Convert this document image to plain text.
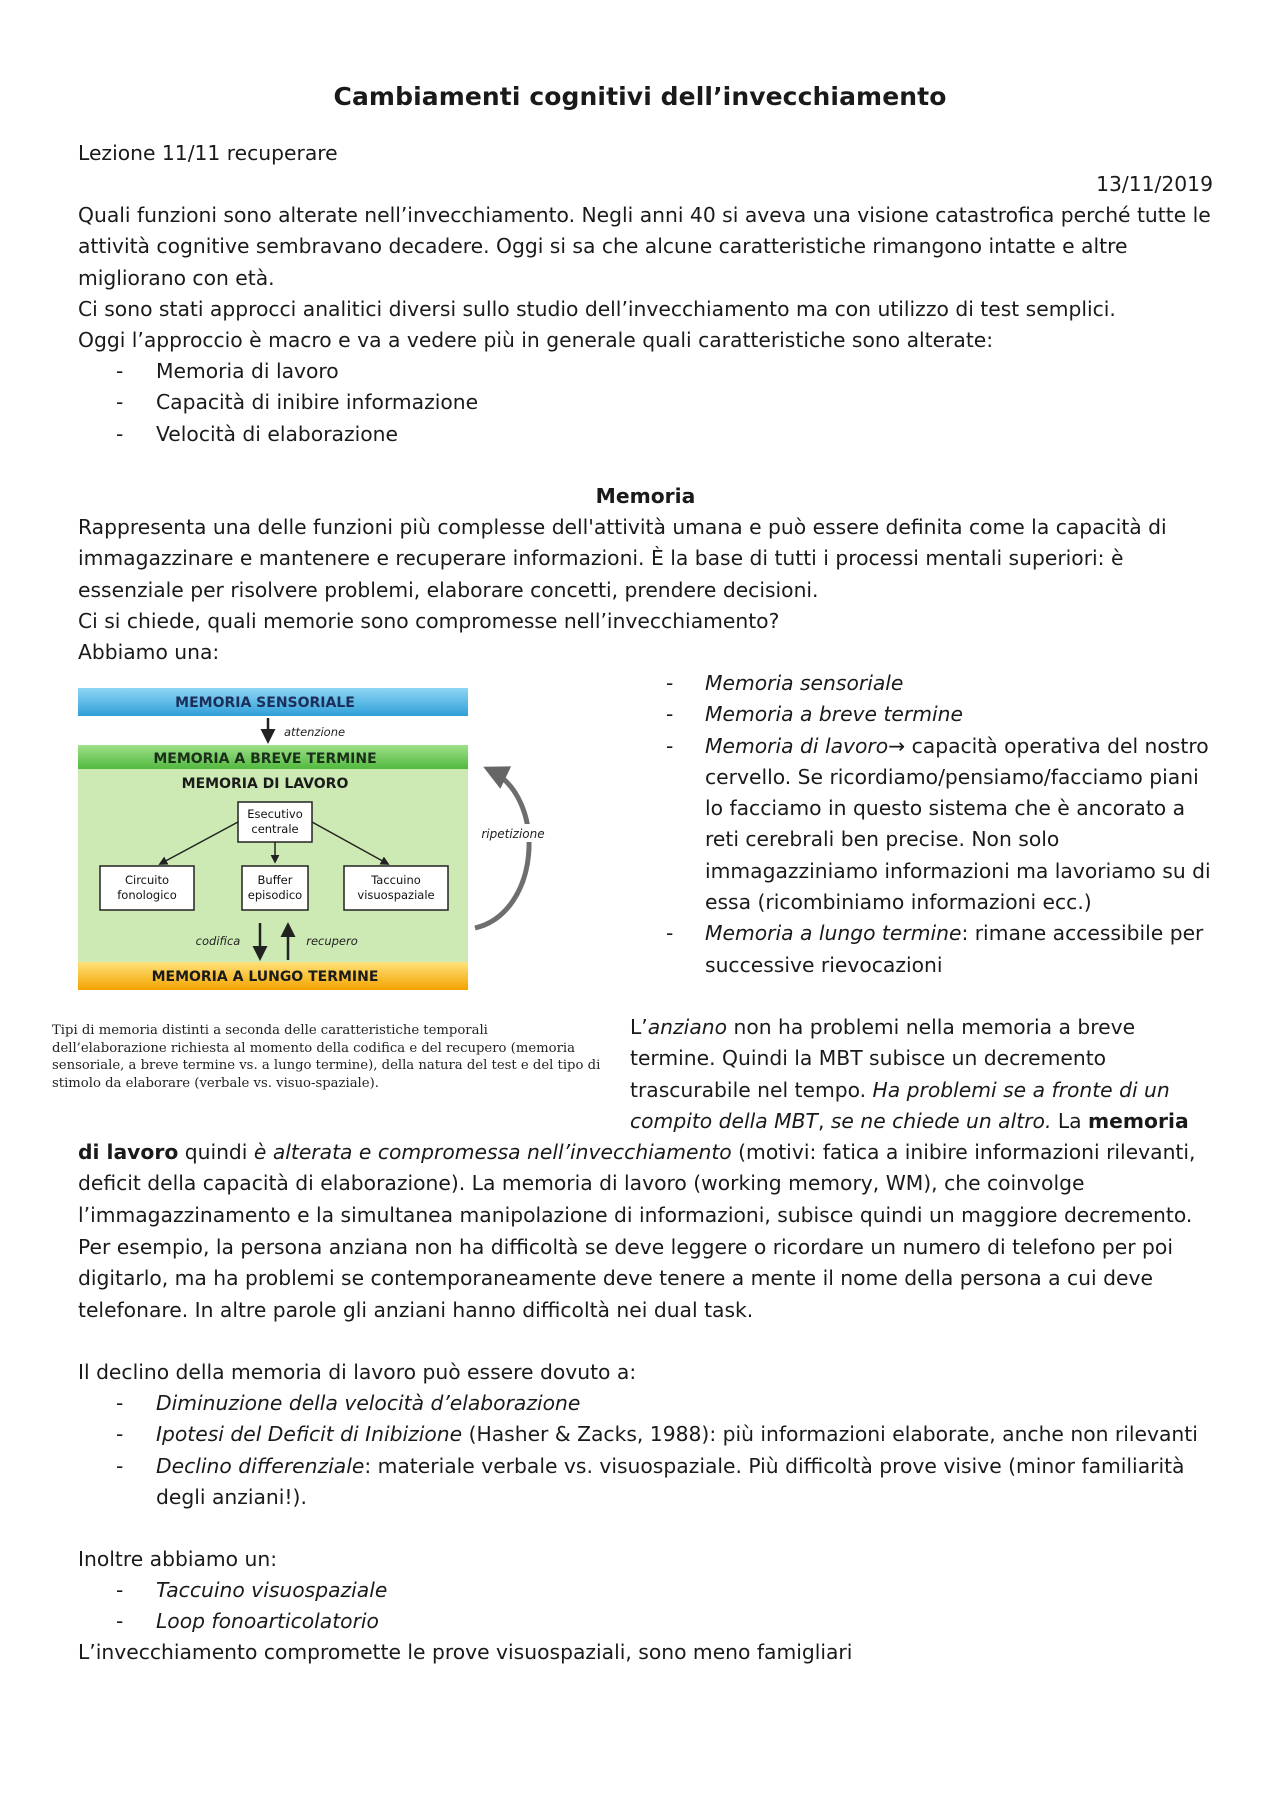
Cambiamenti cognitivi dell’invecchiamento
Lezione 11/11 recuperare
13/11/2019
Quali funzioni sono alterate nell’invecchiamento. Negli anni 40 si aveva una visione catastrofica perché tutte le attività cognitive sembravano decadere. Oggi si sa che alcune caratteristiche rimangono intatte e altre migliorano con età.
Ci sono stati approcci analitici diversi sullo studio dell’invecchiamento ma con utilizzo di test semplici.
Oggi l’approccio è macro e va a vedere più in generale quali caratteristiche sono alterate:
- Memoria di lavoro
- Capacità di inibire informazione
- Velocità di elaborazione
Memoria
Rappresenta una delle funzioni più complesse dell'attività umana e può essere definita come la capacità di immagazzinare e mantenere e recuperare informazioni. È la base di tutti i processi mentali superiori: è essenziale per risolvere problemi, elaborare concetti, prendere decisioni.
Ci si chiede, quali memorie sono compromesse nell’invecchiamento?
Abbiamo una:
MEMORIA SENSORIALE
attenzione
MEMORIA A BREVE TERMINE
MEMORIA DI LAVORO
Esecutivo
centrale
Circuito
fonologico
Buffer
episodico
Taccuino
visuospaziale
ripetizione
codifica	recupero
MEMORIA A LUNGO TERMINE
Tipi di memoria distinti a seconda delle caratteristiche temporali dell’elaborazione richiesta al momento della codifica e del recupero (memoria sensoriale, a breve termine vs. a lungo termine), della natura del test e del tipo di stimolo da elaborare (verbale vs. visuo-spaziale).
- Memoria sensoriale
- Memoria a breve termine
- Memoria di lavoro→ capacità operativa del nostro cervello. Se ricordiamo/pensiamo/facciamo piani lo facciamo in questo sistema che è ancorato a reti cerebrali ben precise. Non solo immagazziniamo informazioni ma lavoriamo su di essa (ricombiniamo informazioni ecc.)
- Memoria a lungo termine: rimane accessibile per successive rievocazioni
L’anziano non ha problemi nella memoria a breve termine. Quindi la MBT subisce un decremento trascurabile nel tempo. Ha problemi se a fronte di un compito della MBT, se ne chiede un altro. La memoria di lavoro quindi è alterata e compromessa nell’invecchiamento (motivi: fatica a inibire informazioni rilevanti, deficit della capacità di elaborazione). La memoria di lavoro (working memory, WM), che coinvolge l’immagazzinamento e la simultanea manipolazione di informazioni, subisce quindi un maggiore decremento.
Per esempio, la persona anziana non ha difficoltà se deve leggere o ricordare un numero di telefono per poi digitarlo, ma ha problemi se contemporaneamente deve tenere a mente il nome della persona a cui deve telefonare. In altre parole gli anziani hanno difficoltà nei dual task.
Il declino della memoria di lavoro può essere dovuto a:
- Diminuzione della velocità d’elaborazione
- Ipotesi del Deficit di Inibizione (Hasher & Zacks, 1988): più informazioni elaborate, anche non rilevanti
- Declino differenziale: materiale verbale vs. visuospaziale. Più difficoltà prove visive (minor familiarità degli anziani!).
Inoltre abbiamo un:
- Taccuino visuospaziale
- Loop fonoarticolatorio
L’invecchiamento compromette le prove visuospaziali, sono meno famigliari
